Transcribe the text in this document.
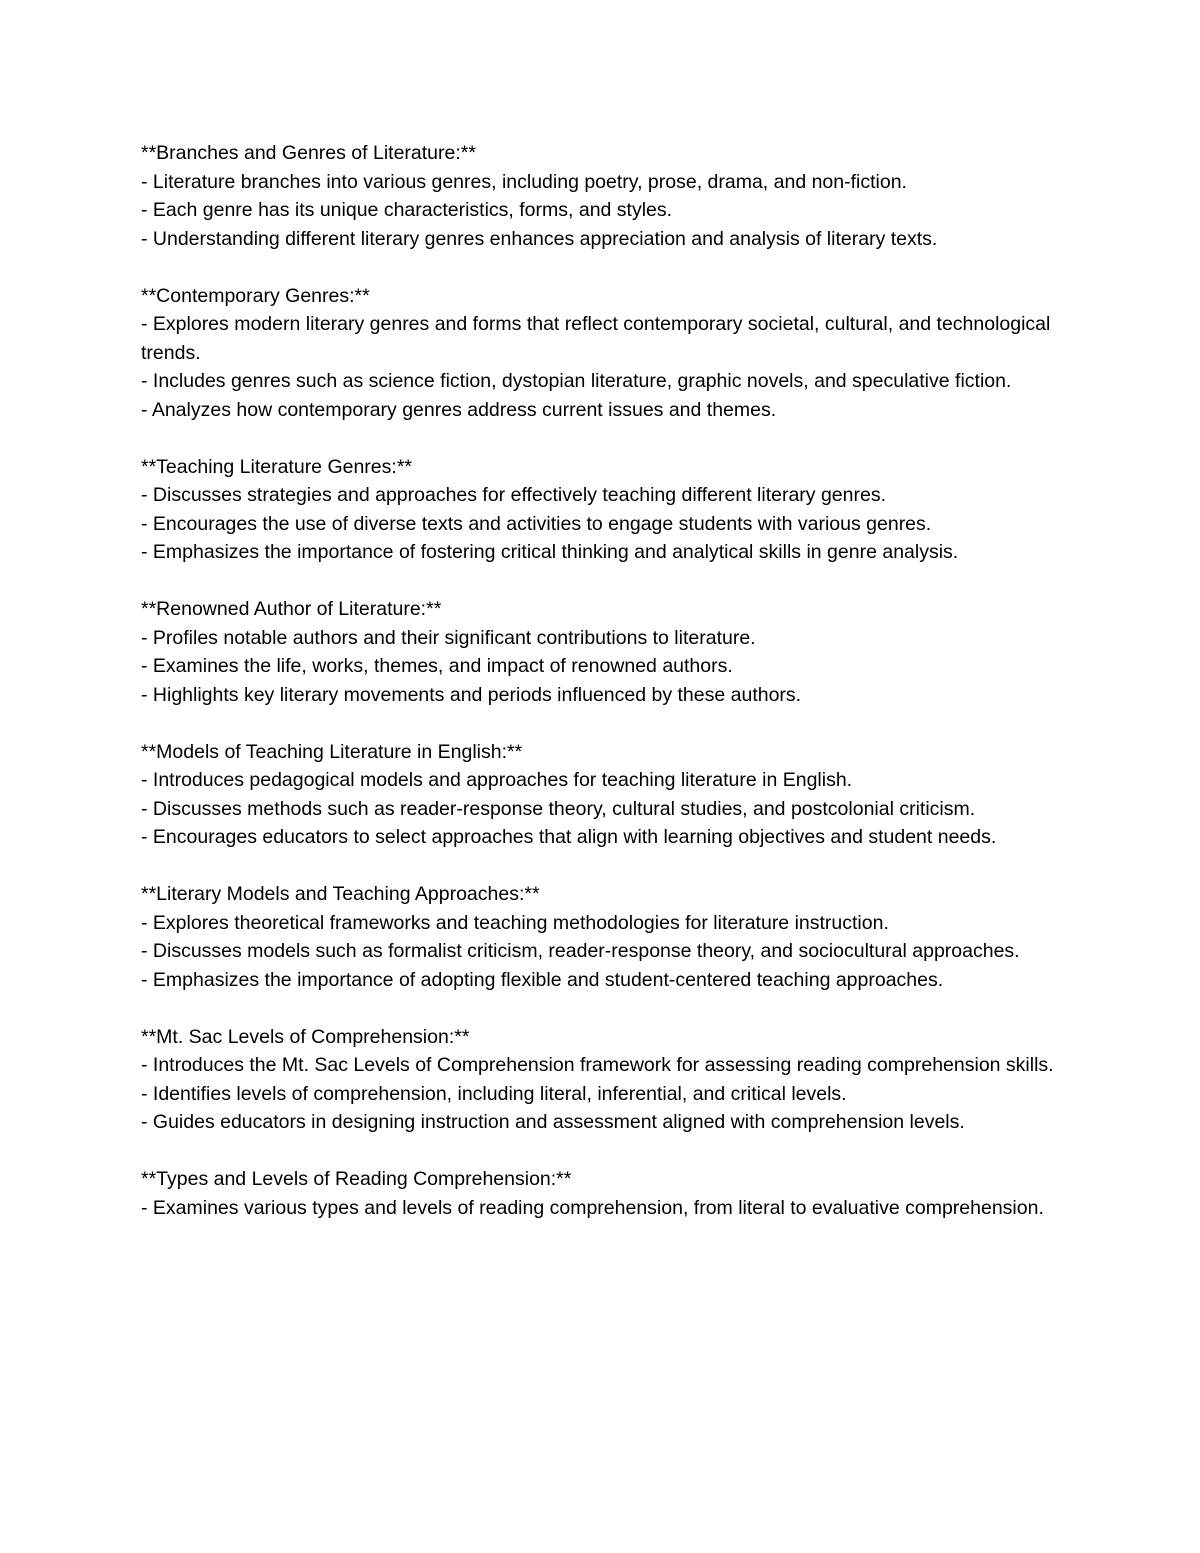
**Branches and Genres of Literature:**

- Literature branches into various genres, including poetry, prose, drama, and non-fiction.

- Each genre has its unique characteristics, forms, and styles.

- Understanding different literary genres enhances appreciation and analysis of literary texts.

**Contemporary Genres:**

- Explores modern literary genres and forms that reflect contemporary societal, cultural, and technological trends.

- Includes genres such as science fiction, dystopian literature, graphic novels, and speculative fiction.

- Analyzes how contemporary genres address current issues and themes.

**Teaching Literature Genres:**

- Discusses strategies and approaches for effectively teaching different literary genres.

- Encourages the use of diverse texts and activities to engage students with various genres.

- Emphasizes the importance of fostering critical thinking and analytical skills in genre analysis.

**Renowned Author of Literature:**

- Profiles notable authors and their significant contributions to literature.

- Examines the life, works, themes, and impact of renowned authors.

- Highlights key literary movements and periods influenced by these authors.

**Models of Teaching Literature in English:**

- Introduces pedagogical models and approaches for teaching literature in English.

- Discusses methods such as reader-response theory, cultural studies, and postcolonial criticism.

- Encourages educators to select approaches that align with learning objectives and student needs.

**Literary Models and Teaching Approaches:**

- Explores theoretical frameworks and teaching methodologies for literature instruction.

- Discusses models such as formalist criticism, reader-response theory, and sociocultural approaches.

- Emphasizes the importance of adopting flexible and student-centered teaching approaches.

**Mt. Sac Levels of Comprehension:**

- Introduces the Mt. Sac Levels of Comprehension framework for assessing reading comprehension skills.

- Identifies levels of comprehension, including literal, inferential, and critical levels.

- Guides educators in designing instruction and assessment aligned with comprehension levels.

**Types and Levels of Reading Comprehension:**

- Examines various types and levels of reading comprehension, from literal to evaluative comprehension.
